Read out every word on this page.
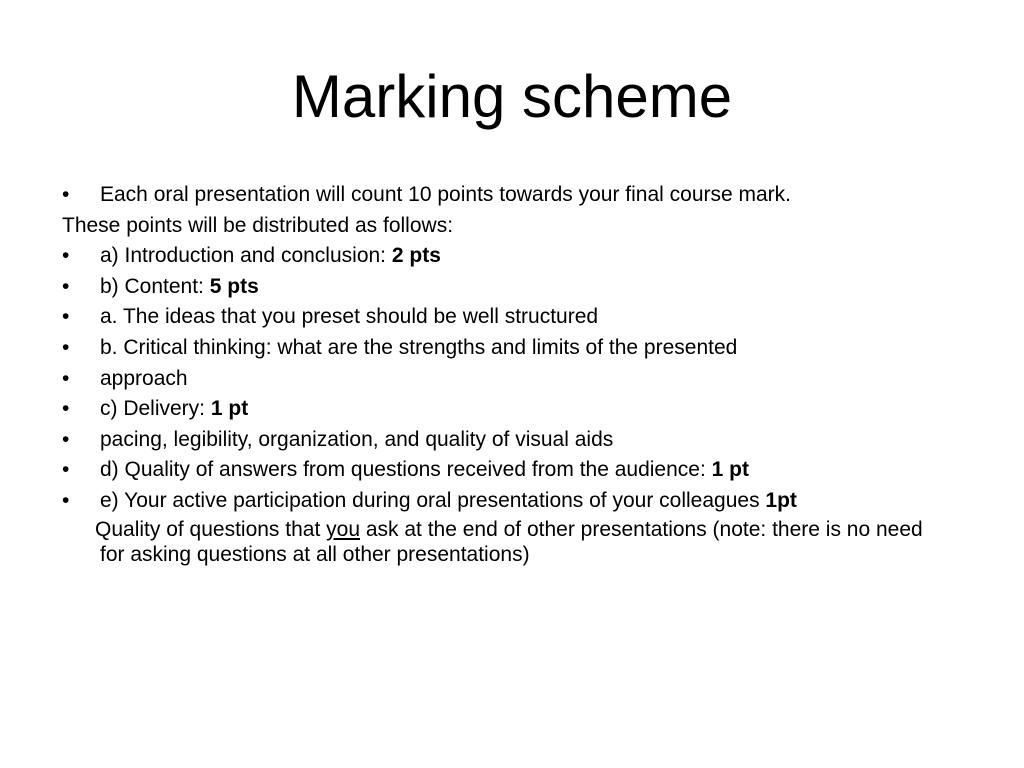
Marking scheme
• Each oral presentation will count 10 points towards your final course mark.
These points will be distributed as follows:
• a) Introduction and conclusion: 2 pts
• b) Content: 5 pts
• a. The ideas that you preset should be well structured
• b. Critical thinking: what are the strengths and limits of the presented
• approach
• c) Delivery: 1 pt
• pacing, legibility, organization, and quality of visual aids
• d) Quality of answers from questions received from the audience: 1 pt
• e) Your active participation during oral presentations of your colleagues 1pt
Quality of questions that you ask at the end of other presentations (note: there is no need for asking questions at all other presentations)
